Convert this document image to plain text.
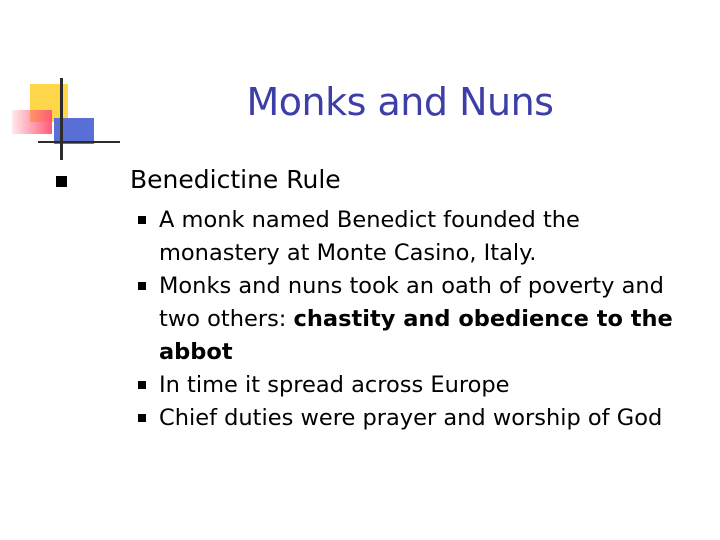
Monks and Nuns
Benedictine Rule
A monk named Benedict founded the monastery at Monte Casino, Italy.
Monks and nuns took an oath of poverty and two others: chastity and obedience to the abbot
In time it spread across Europe
Chief duties were prayer and worship of God
